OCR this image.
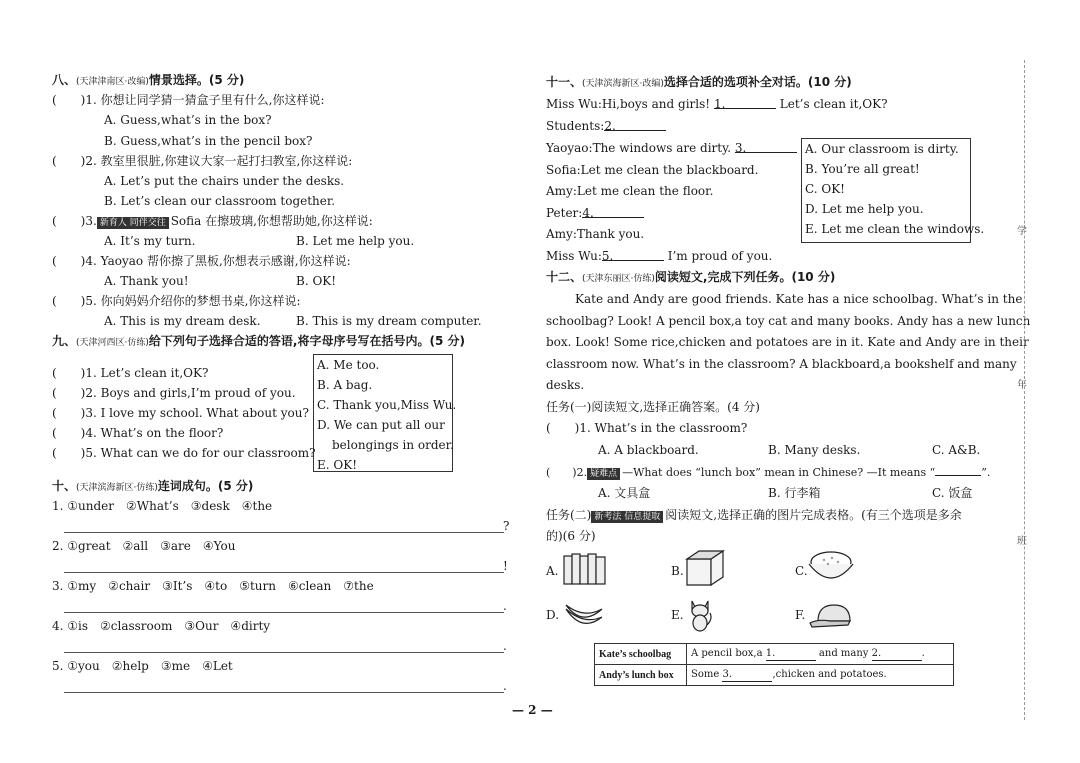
八、(天津津南区·改编)情景选择。(5 分)
(　　)1. 你想让同学猜一猜盒子里有什么,你这样说:
A. Guess,what’s in the box?
B. Guess,what’s in the pencil box?
(　　)2. 教室里很脏,你建议大家一起打扫教室,你这样说:
A. Let’s put the chairs under the desks.
B. Let’s clean our classroom together.
(　　)3. 新育人 同伴交往 Sofia 在擦玻璃,你想帮助她,你这样说:
A. It’s my turn.	B. Let me help you.
(　　)4. Yaoyao 帮你擦了黑板,你想表示感谢,你这样说:
A. Thank you!	B. OK!
(　　)5. 你向妈妈介绍你的梦想书桌,你这样说:
A. This is my dream desk.	B. This is my dream computer.
九、(天津河西区·仿练)给下列句子选择合适的答语,将字母序号写在括号内。(5 分)
(　　)1. Let’s clean it,OK?
(　　)2. Boys and girls,I’m proud of you.
(　　)3. I love my school. What about you?
(　　)4. What’s on the floor?
(　　)5. What can we do for our classroom?
A. Me too.
B. A bag.
C. Thank you,Miss Wu.
D. We can put all our
belongings in order.
E. OK!
十、(天津滨海新区·仿练)连词成句。(5 分)
1. ①under　②What’s　③desk　④the
?
2. ①great　②all　③are　④You
!
3. ①my　②chair　③It’s　④to　⑤turn　⑥clean　⑦the
.
4. ①is　②classroom　③Our　④dirty
.
5. ①you　②help　③me　④Let
.
十一、(天津滨海新区·改编)选择合适的选项补全对话。(10 分)
Miss Wu:Hi,boys and girls! 1.	Let’s clean it,OK?
Students:2.
Yaoyao:The windows are dirty. 3.
Sofia:Let me clean the blackboard.
Amy:Let me clean the floor.
Peter:4.
Amy:Thank you.
Miss Wu:5.	I’m proud of you.
A. Our classroom is dirty.
B. You’re all great!
C. OK!
D. Let me help you.
E. Let me clean the windows.
十二、(天津东丽区·仿练)阅读短文,完成下列任务。(10 分)
Kate and Andy are good friends. Kate has a nice schoolbag. What’s in the
schoolbag? Look! A pencil box,a toy cat and many books. Andy has a new lunch
box. Look! Some rice,chicken and potatoes are in it. Kate and Andy are in their
classroom now. What’s in the classroom? A blackboard,a bookshelf and many
desks.
任务(一)阅读短文,选择正确答案。(4 分)
(　　)1. What’s in the classroom?
A. A blackboard.	B. Many desks.	C. A&B.
(　　)2. 疑难点 —What does “lunch box” mean in Chinese? —It means “	”.
A. 文具盒	B. 行李箱	C. 饭盒
任务(二) 新考法 信息提取 阅读短文,选择正确的图片完成表格。(有三个选项是多余
的)(6 分)
A.	B.	C.
D.	E.	F.
Kate’s schoolbag	A pencil box,a 1. and many 2. .
Andy’s lunch box	Some 3. ,chicken and potatoes.
— 2 —
学
年
班
